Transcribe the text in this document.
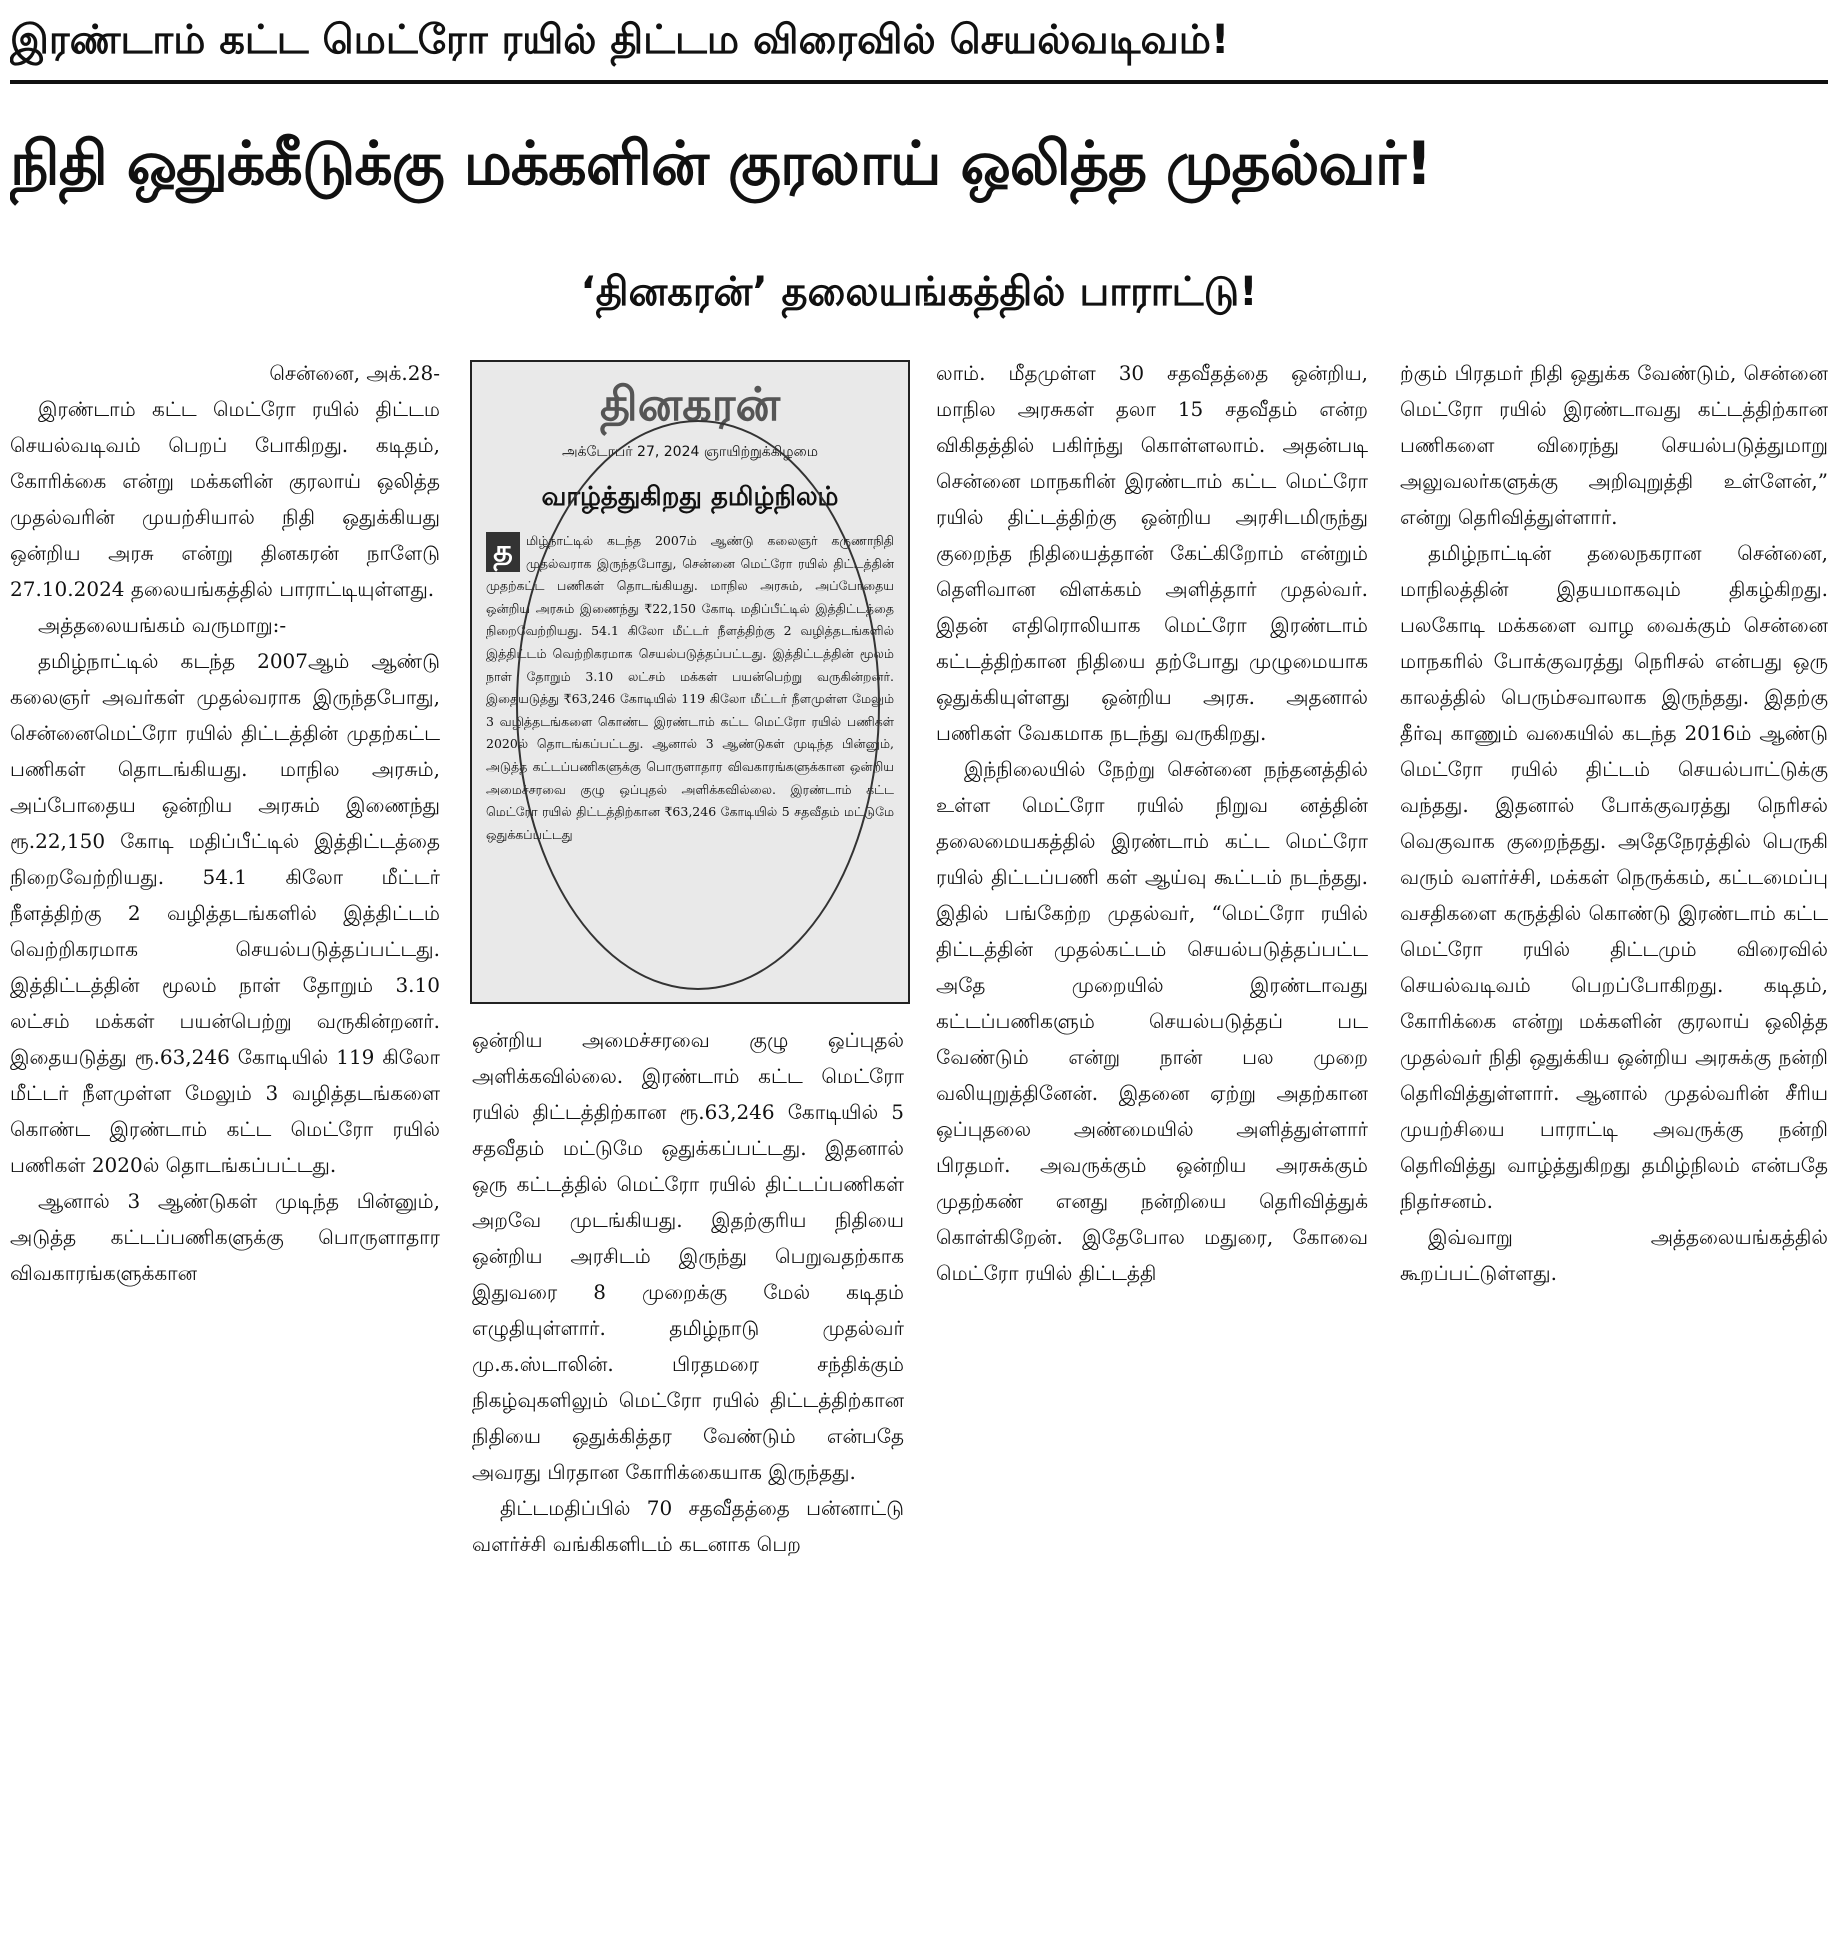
இரண்டாம் கட்ட மெட்ரோ ரயில் திட்டம விரைவில் செயல்வடிவம்!
நிதி ஒதுக்கீடுக்கு மக்களின் குரலாய் ஒலித்த முதல்வர்!
‘தினகரன்’ தலையங்கத்தில் பாராட்டு!

சென்னை, அக்.28-

இரண்டாம் கட்ட மெட்ரோ ரயில் திட்டம செயல்வடிவம் பெறப் போகிறது. கடிதம், கோரிக்கை என்று மக்களின் குரலாய் ஒலித்த முதல்வரின் முயற்சியால் நிதி ஒதுக்கியது ஒன்றிய அரசு என்று தினகரன் நாளேடு 27.10.2024 தலையங்கத்தில் பாராட்டியுள்ளது.

அத்தலையங்கம் வருமாறு:-

தமிழ்நாட்டில் கடந்த 2007ஆம் ஆண்டு கலைஞர் அவர்கள் முதல்வராக இருந்தபோது, சென்னைமெட்ரோ ரயில் திட்டத்தின் முதற்கட்ட பணிகள் தொடங்கியது. மாநில அரசும், அப்போதைய ஒன்றிய அரசும் இணைந்து ரூ.22,150 கோடி மதிப்பீட்டில் இத்திட்டத்தை நிறைவேற்றியது. 54.1 கிலோ மீட்டர் நீளத்திற்கு 2 வழித்தடங்களில் இத்திட்டம் வெற்றிகரமாக செயல்படுத்தப்பட்டது. இத்திட்டத்தின் மூலம் நாள் தோறும் 3.10 லட்சம் மக்கள் பயன்பெற்று வருகின்றனர். இதையடுத்து ரூ.63,246 கோடியில் 119 கிலோ மீட்டர் நீளமுள்ள மேலும் 3 வழித்தடங்களை கொண்ட இரண்டாம் கட்ட மெட்ரோ ரயில் பணிகள் 2020ல் தொடங்கப்பட்டது.

ஆனால் 3 ஆண்டுகள் முடிந்த பின்னும், அடுத்த கட்டப்பணிகளுக்கு பொருளாதார விவகாரங்களுக்கான

தினகரன்
அக்டோபர் 27, 2024 ஞாயிற்றுக்கிழமை
வாழ்த்துகிறது தமிழ்நிலம்
த	மிழ்நாட்டில் கடந்த 2007ம் ஆண்டு கலைஞர் கருணாநிதி முதல்வராக இருந்தபோது, சென்னை மெட்ரோ ரயில் திட்டத்தின் முதற்கட்ட பணிகள் தொடங்கியது. மாநில அரசும், அப்போதைய ஒன்றிய அரசும் இணைந்து ₹22,150 கோடி மதிப்பீட்டில் இத்திட்டத்தை நிறைவேற்றியது. 54.1 கிலோ மீட்டர் நீளத்திற்கு 2 வழித்தடங்களில் இத்திட்டம் வெற்றிகரமாக செயல்படுத்தப்பட்டது. இத்திட்டத்தின் மூலம் நாள் தோறும் 3.10 லட்சம் மக்கள் பயன்பெற்று வருகின்றனர். இதையடுத்து ₹63,246 கோடியில் 119 கிலோ மீட்டர் நீளமுள்ள மேலும் 3 வழித்தடங்களை கொண்ட இரண்டாம் கட்ட மெட்ரோ ரயில் பணிகள் 2020ல் தொடங்கப்பட்டது. ஆனால் 3 ஆண்டுகள் முடிந்த பின்னும், அடுத்த கட்டப்பணிகளுக்கு பொருளாதார விவகாரங்களுக்கான ஒன்றிய அமைச்சரவை குழு ஒப்புதல் அளிக்கவில்லை. இரண்டாம் கட்ட மெட்ரோ ரயில் திட்டத்திற்கான ₹63,246 கோடியில் 5 சதவீதம் மட்டுமே ஒதுக்கப்பட்டது

ஒன்றிய அமைச்சரவை குழு ஒப்புதல் அளிக்கவில்லை. இரண்டாம் கட்ட மெட்ரோ ரயில் திட்டத்திற்கான ரூ.63,246 கோடியில் 5 சதவீதம் மட்டுமே ஒதுக்கப்பட்டது. இதனால் ஒரு கட்டத்தில் மெட்ரோ ரயில் திட்டப்பணிகள் அறவே முடங்கியது. இதற்குரிய நிதியை ஒன்றிய அரசிடம் இருந்து பெறுவதற்காக இதுவரை 8 முறைக்கு மேல் கடிதம் எழுதியுள்ளார். தமிழ்நாடு முதல்வர் மு.க.ஸ்டாலின். பிரதமரை சந்திக்கும் நிகழ்வுகளிலும் மெட்ரோ ரயில் திட்டத்திற்கான நிதியை ஒதுக்கித்தர வேண்டும் என்பதே அவரது பிரதான கோரிக்கையாக இருந்தது.

திட்டமதிப்பில் 70 சதவீதத்தை பன்னாட்டு வளர்ச்சி வங்கிகளிடம் கடனாக பெற

லாம். மீதமுள்ள 30 சதவீதத்தை ஒன்றிய, மாநில அரசுகள் தலா 15 சதவீதம் என்ற விகிதத்தில் பகிர்ந்து கொள்ளலாம். அதன்படி சென்னை மாநகரின் இரண்டாம் கட்ட மெட்ரோ ரயில் திட்டத்திற்கு ஒன்றிய அரசிடமிருந்து குறைந்த நிதியைத்தான் கேட்கிறோம் என்றும் தெளிவான விளக்கம் அளித்தார் முதல்வர். இதன் எதிரொலியாக மெட்ரோ இரண்டாம் கட்டத்திற்கான நிதியை தற்போது முழுமையாக ஒதுக்கியுள்ளது ஒன்றிய அரசு. அதனால் பணிகள் வேகமாக நடந்து வருகிறது.

இந்நிலையில் நேற்று சென்னை நந்தனத்தில் உள்ள மெட்ரோ ரயில் நிறுவ னத்தின் தலைமையகத்தில் இரண்டாம் கட்ட மெட்ரோ ரயில் திட்டப்பணி கள் ஆய்வு கூட்டம் நடந்தது. இதில் பங்கேற்ற முதல்வர், “மெட்ரோ ரயில் திட்டத்தின் முதல்கட்டம் செயல்படுத்தப்பட்ட அதே முறையில் இரண்டாவது கட்டப்பணிகளும் செயல்படுத்தப் பட வேண்டும் என்று நான் பல முறை வலியுறுத்தினேன். இதனை ஏற்று அதற்கான ஒப்புதலை அண்மையில் அளித்துள்ளார் பிரதமர். அவருக்கும் ஒன்றிய அரசுக்கும் முதற்கண் எனது நன்றியை தெரிவித்துக் கொள்கிறேன். இதேபோல மதுரை, கோவை மெட்ரோ ரயில் திட்டத்தி

ற்கும் பிரதமர் நிதி ஒதுக்க வேண்டும், சென்னை மெட்ரோ ரயில் இரண்டாவது கட்டத்திற்கான பணிகளை விரைந்து செயல்படுத்துமாறு அலுவலர்களுக்கு அறிவுறுத்தி உள்ளேன்,” என்று தெரிவித்துள்ளார்.

தமிழ்நாட்டின் தலைநகரான சென்னை, மாநிலத்தின் இதயமாகவும் திகழ்கிறது. பலகோடி மக்களை வாழ வைக்கும் சென்னை மாநகரில் போக்குவரத்து நெரிசல் என்பது ஒரு காலத்தில் பெரும்சவாலாக இருந்தது. இதற்கு தீர்வு காணும் வகையில் கடந்த 2016ம் ஆண்டு மெட்ரோ ரயில் திட்டம் செயல்பாட்டுக்கு வந்தது. இதனால் போக்குவரத்து நெரிசல் வெகுவாக குறைந்தது. அதேநேரத்தில் பெருகி வரும் வளர்ச்சி, மக்கள் நெருக்கம், கட்டமைப்பு வசதிகளை கருத்தில் கொண்டு இரண்டாம் கட்ட மெட்ரோ ரயில் திட்டமும் விரைவில் செயல்வடிவம் பெறப்போகிறது. கடிதம், கோரிக்கை என்று மக்களின் குரலாய் ஒலித்த முதல்வர் நிதி ஒதுக்கிய ஒன்றிய அரசுக்கு நன்றி தெரிவித்துள்ளார். ஆனால் முதல்வரின் சீரிய முயற்சியை பாராட்டி அவருக்கு நன்றி தெரிவித்து வாழ்த்துகிறது தமிழ்நிலம் என்பதே நிதர்சனம்.

இவ்வாறு அத்தலையங்கத்தில் கூறப்பட்டுள்ளது.
